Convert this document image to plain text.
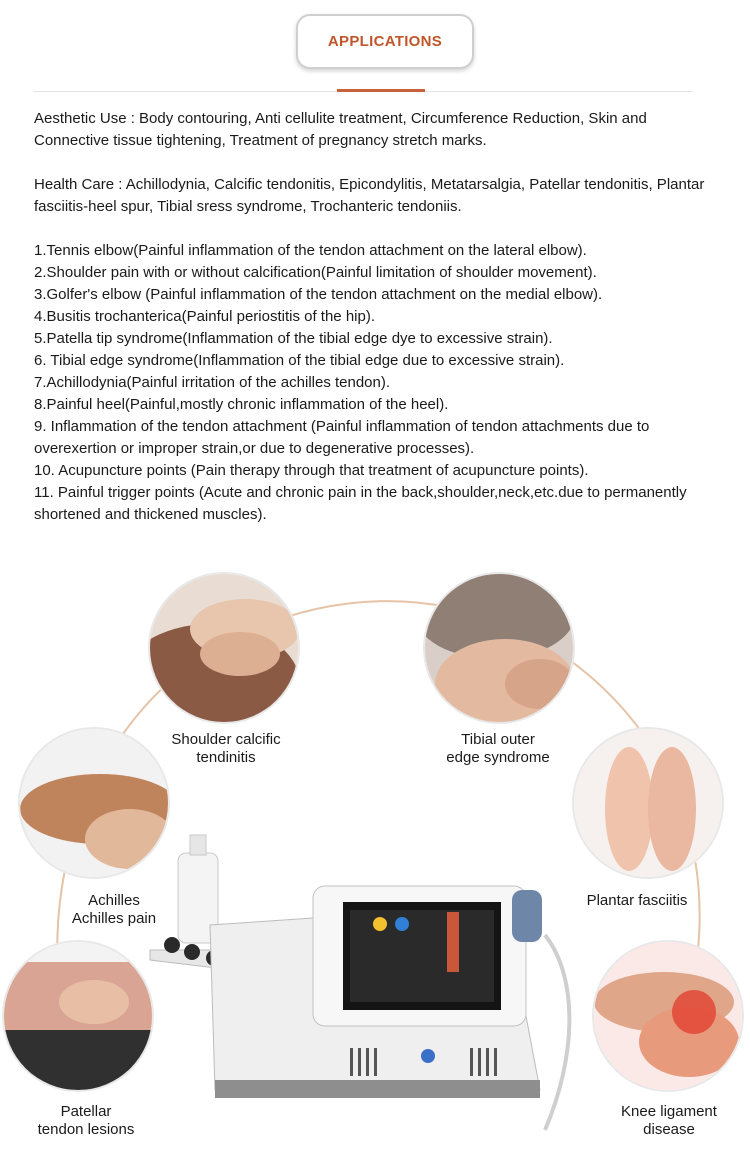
APPLICATIONS

Aesthetic Use : Body contouring, Anti cellulite treatment, Circumference Reduction, Skin and Connective tissue tightening, Treatment of pregnancy stretch marks.

Health Care : Achillodynia, Calcific tendonitis, Epicondylitis, Metatarsalgia, Patellar tendonitis, Plantar fasciitis-heel spur, Tibial sress syndrome, Trochanteric tendoniis.

1.Tennis elbow(Painful inflammation of the tendon attachment on the lateral elbow).

2.Shoulder pain with or without calcification(Painful limitation of shoulder movement).

3.Golfer's elbow (Painful inflammation of the tendon attachment on the medial elbow).

4.Busitis trochanterica(Painful periostitis of the hip).

5.Patella tip syndrome(Inflammation of the tibial edge dye to excessive strain).

6. Tibial edge syndrome(Inflammation of the tibial edge due to excessive strain).

7.Achillodynia(Painful irritation of the achilles tendon).

8.Painful heel(Painful,mostly chronic inflammation of the heel).

9. Inflammation of the tendon attachment (Painful inflammation of tendon attachments due to overexertion or improper strain,or due to degenerative processes).

10. Acupuncture points (Pain therapy through that treatment of acupuncture points).

11. Painful trigger points (Acute and chronic pain in the back,shoulder,neck,etc.due to permanently shortened and thickened muscles).

Shoulder calcific
tendinitis
Tibial outer
edge syndrome
Achilles
Achilles pain
Plantar fasciitis
Patellar
tendon lesions
Knee ligament
disease
